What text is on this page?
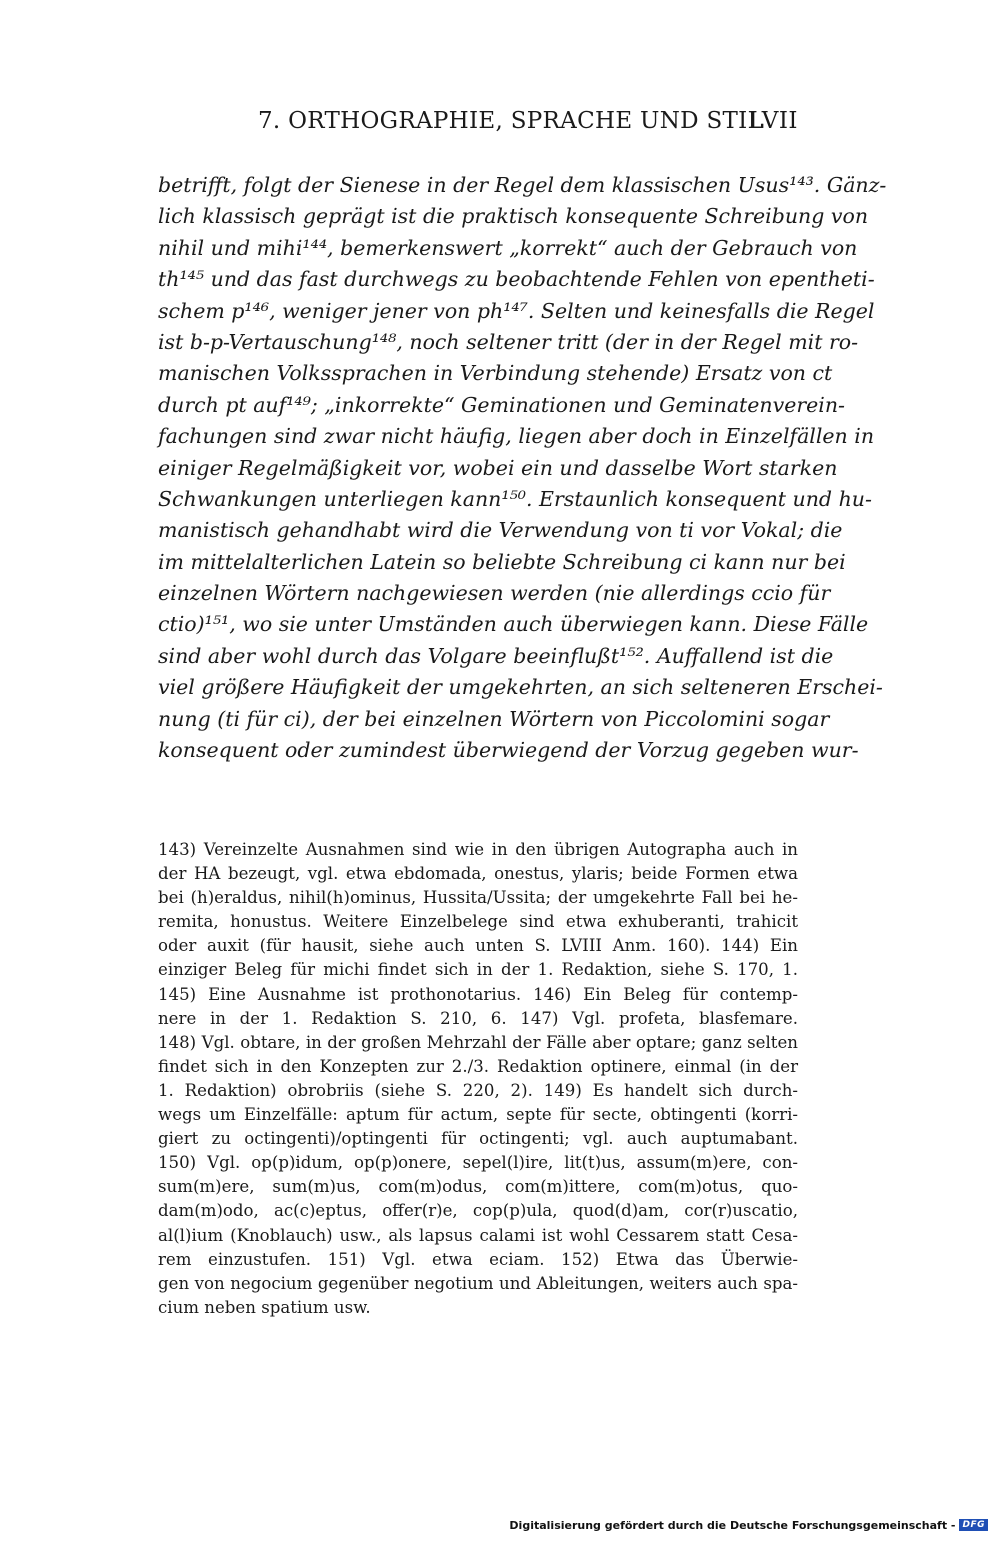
7. ORTHOGRAPHIE, SPRACHE UND STIL
LVII
betrifft, folgt der Sienese in der Regel dem klassischen Usus¹⁴³. Gänz-
lich klassisch geprägt ist die praktisch konsequente Schreibung von
nihil und mihi¹⁴⁴, bemerkenswert „korrekt“ auch der Gebrauch von
th¹⁴⁵ und das fast durchwegs zu beobachtende Fehlen von epentheti-
schem p¹⁴⁶, weniger jener von ph¹⁴⁷. Selten und keinesfalls die Regel
ist b-p-Vertauschung¹⁴⁸, noch seltener tritt (der in der Regel mit ro-
manischen Volkssprachen in Verbindung stehende) Ersatz von ct
durch pt auf¹⁴⁹; „inkorrekte“ Geminationen und Geminatenverein-
fachungen sind zwar nicht häufig, liegen aber doch in Einzelfällen in
einiger Regelmäßigkeit vor, wobei ein und dasselbe Wort starken
Schwankungen unterliegen kann¹⁵⁰. Erstaunlich konsequent und hu-
manistisch gehandhabt wird die Verwendung von ti vor Vokal; die
im mittelalterlichen Latein so beliebte Schreibung ci kann nur bei
einzelnen Wörtern nachgewiesen werden (nie allerdings ccio für
ctio)¹⁵¹, wo sie unter Umständen auch überwiegen kann. Diese Fälle
sind aber wohl durch das Volgare beeinflußt¹⁵². Auffallend ist die
viel größere Häufigkeit der umgekehrten, an sich selteneren Erschei-
nung (ti für ci), der bei einzelnen Wörtern von Piccolomini sogar
konsequent oder zumindest überwiegend der Vorzug gegeben wur-
143) Vereinzelte Ausnahmen sind wie in den übrigen Autographa auch in
der HA bezeugt, vgl. etwa ebdomada, onestus, ylaris; beide Formen etwa
bei (h)eraldus, nihil(h)ominus, Hussita/Ussita; der umgekehrte Fall bei he-
remita, honustus. Weitere Einzelbelege sind etwa exhuberanti, trahicit
oder auxit (für hausit, siehe auch unten S. LVIII Anm. 160). 144) Ein
einziger Beleg für michi findet sich in der 1. Redaktion, siehe S. 170, 1.
145) Eine Ausnahme ist prothonotarius. 146) Ein Beleg für contemp-
nere in der 1. Redaktion S. 210, 6. 147) Vgl. profeta, blasfemare.
148) Vgl. obtare, in der großen Mehrzahl der Fälle aber optare; ganz selten
findet sich in den Konzepten zur 2./3. Redaktion optinere, einmal (in der
1. Redaktion) obrobriis (siehe S. 220, 2). 149) Es handelt sich durch-
wegs um Einzelfälle: aptum für actum, septe für secte, obtingenti (korri-
giert zu octingenti)/optingenti für octingenti; vgl. auch auptumabant.
150) Vgl. op(p)idum, op(p)onere, sepel(l)ire, lit(t)us, assum(m)ere, con-
sum(m)ere, sum(m)us, com(m)odus, com(m)ittere, com(m)otus, quo-
dam(m)odo, ac(c)eptus, offer(r)e, cop(p)ula, quod(d)am, cor(r)uscatio,
al(l)ium (Knoblauch) usw., als lapsus calami ist wohl Cessarem statt Cesa-
rem einzustufen. 151) Vgl. etwa eciam. 152) Etwa das Überwie-
gen von negocium gegenüber negotium und Ableitungen, weiters auch spa-
cium neben spatium usw.
Digitalisierung gefördert durch die Deutsche Forschungsgemeinschaft - DFG
